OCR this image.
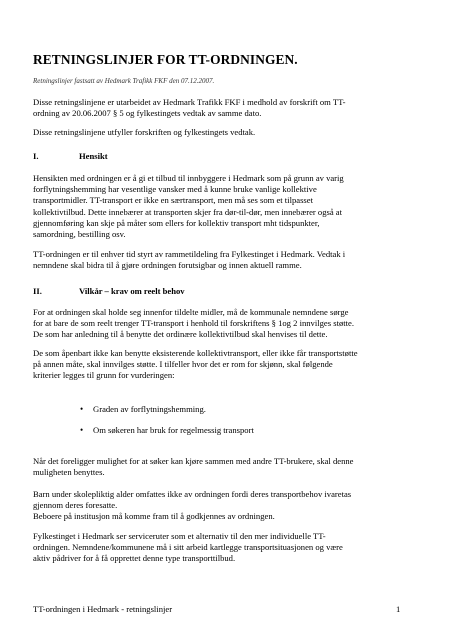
RETNINGSLINJER FOR TT-ORDNINGEN.
Retningslinjer fastsatt av Hedmark Trafikk FKF den 07.12.2007.
Disse retningslinjene er utarbeidet av Hedmark Trafikk FKF i medhold av forskrift om TT-
ordning av 20.06.2007 § 5 og fylkestingets vedtak av samme dato.
Disse retningslinjene utfyller forskriften og fylkestingets vedtak.
I.	Hensikt
Hensikten med ordningen er å gi et tilbud til innbyggere i Hedmark som på grunn av varig
forflytningshemming har vesentlige vansker med å kunne bruke vanlige kollektive
transportmidler. TT-transport er ikke en særtransport, men må ses som et tilpasset
kollektivtilbud. Dette innebærer at transporten skjer fra dør-til-dør, men innebærer også at
gjennomføring kan skje på måter som ellers for kollektiv transport mht tidspunkter,
samordning, bestilling osv.
TT-ordningen er til enhver tid styrt av rammetildeling fra Fylkestinget i Hedmark. Vedtak i
nemndene skal bidra til å gjøre ordningen forutsigbar og innen aktuell ramme.
II.	Vilkår – krav om reelt behov
For at ordningen skal holde seg innenfor tildelte midler, må de kommunale nemndene sørge
for at bare de som reelt trenger TT-transport i henhold til forskriftens § 1og 2 innvilges støtte.
De som har anledning til å benytte det ordinære kollektivtilbud skal henvises til dette.
De som åpenbart ikke kan benytte eksisterende kollektivtransport, eller ikke får transportstøtte
på annen måte, skal innvilges støtte. I tilfeller hvor det er rom for skjønn, skal følgende
kriterier legges til grunn for vurderingen:
• Graden av forflytningshemming.
• Om søkeren har bruk for regelmessig transport
Når det foreligger mulighet for at søker kan kjøre sammen med andre TT-brukere, skal denne
muligheten benyttes.
Barn under skolepliktig alder omfattes ikke av ordningen fordi deres transportbehov ivaretas
gjennom deres foresatte.
Beboere på institusjon må komme fram til å godkjennes av ordningen.
Fylkestinget i Hedmark ser serviceruter som et alternativ til den mer individuelle TT-
ordningen. Nemndene/kommunene må i sitt arbeid kartlegge transportsituasjonen og være
aktiv pådriver for å få opprettet denne type transporttilbud.
TT-ordningen i Hedmark - retningslinjer	1
